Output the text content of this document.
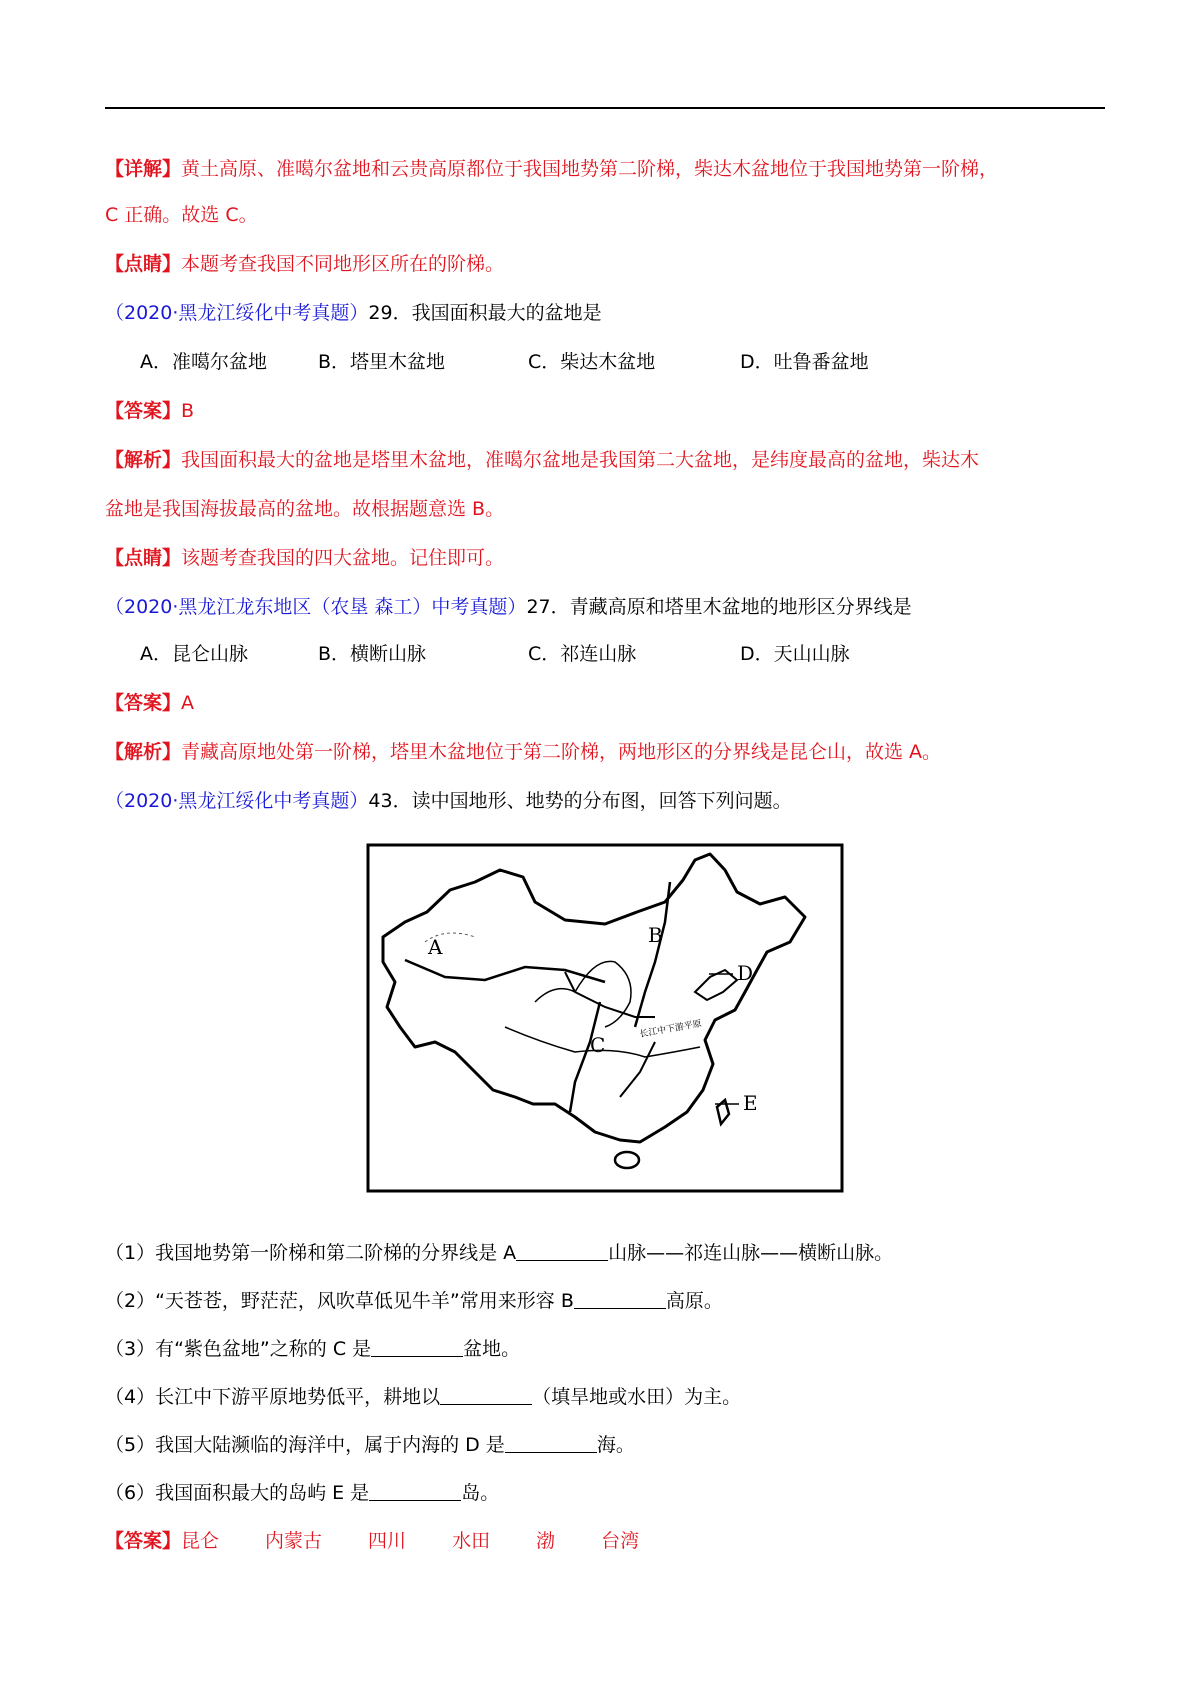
【详解】黄土高原、准噶尔盆地和云贵高原都位于我国地势第二阶梯，柴达木盆地位于我国地势第一阶梯，
C 正确。故选 C。
【点睛】本题考查我国不同地形区所在的阶梯。
（2020·黑龙江绥化中考真题）29．我国面积最大的盆地是
A．准噶尔盆地	B．塔里木盆地	C．柴达木盆地	D．吐鲁番盆地
【答案】B
【解析】我国面积最大的盆地是塔里木盆地，准噶尔盆地是我国第二大盆地，是纬度最高的盆地，柴达木
盆地是我国海拔最高的盆地。故根据题意选 B。
【点睛】该题考查我国的四大盆地。记住即可。
（2020·黑龙江龙东地区（农垦 森工）中考真题）27．青藏高原和塔里木盆地的地形区分界线是
A．昆仑山脉	B．横断山脉	C．祁连山脉	D．天山山脉
【答案】A
【解析】青藏高原地处第一阶梯，塔里木盆地位于第二阶梯，两地形区的分界线是昆仑山，故选 A。
（2020·黑龙江绥化中考真题）43．读中国地形、地势的分布图，回答下列问题。
A	B
C
D
E
长江中下游平原
（1）我国地势第一阶梯和第二阶梯的分界线是 A	山脉——祁连山脉——横断山脉。
（2）“天苍苍，野茫茫，风吹草低见牛羊”常用来形容 B	高原。
（3）有“紫色盆地”之称的 C 是	盆地。
（4）长江中下游平原地势低平，耕地以	（填旱地或水田）为主。
（5）我国大陆濒临的海洋中，属于内海的 D 是	海。
（6）我国面积最大的岛屿 E 是	岛。
【答案】昆仑 内蒙古 四川 水田 渤 台湾
